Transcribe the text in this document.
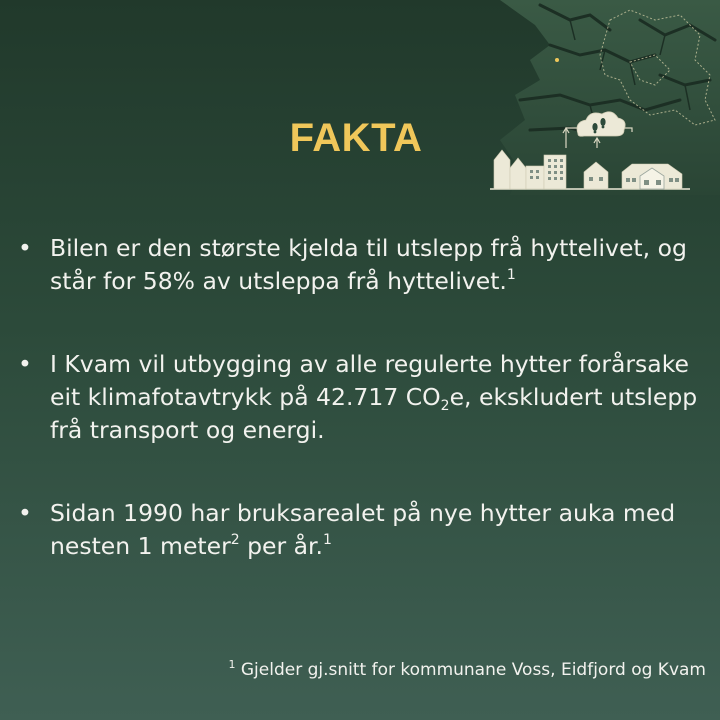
FAKTA
• Bilen er den største kjelda til utslepp frå hyttelivet, og står for 58% av utsleppa frå hyttelivet.$^1$
• I Kvam vil utbygging av alle regulerte hytter forårsake eit klimafotavtrykk på 42.717 $CO_2e$, ekskludert utslepp frå transport og energi.
• Sidan 1990 har bruksarealet på nye hytter auka med nesten 1 meter$^2$ per år.$^1$
$^1$ Gjelder gj.snitt for kommunane Voss, Eidfjord og Kvam
